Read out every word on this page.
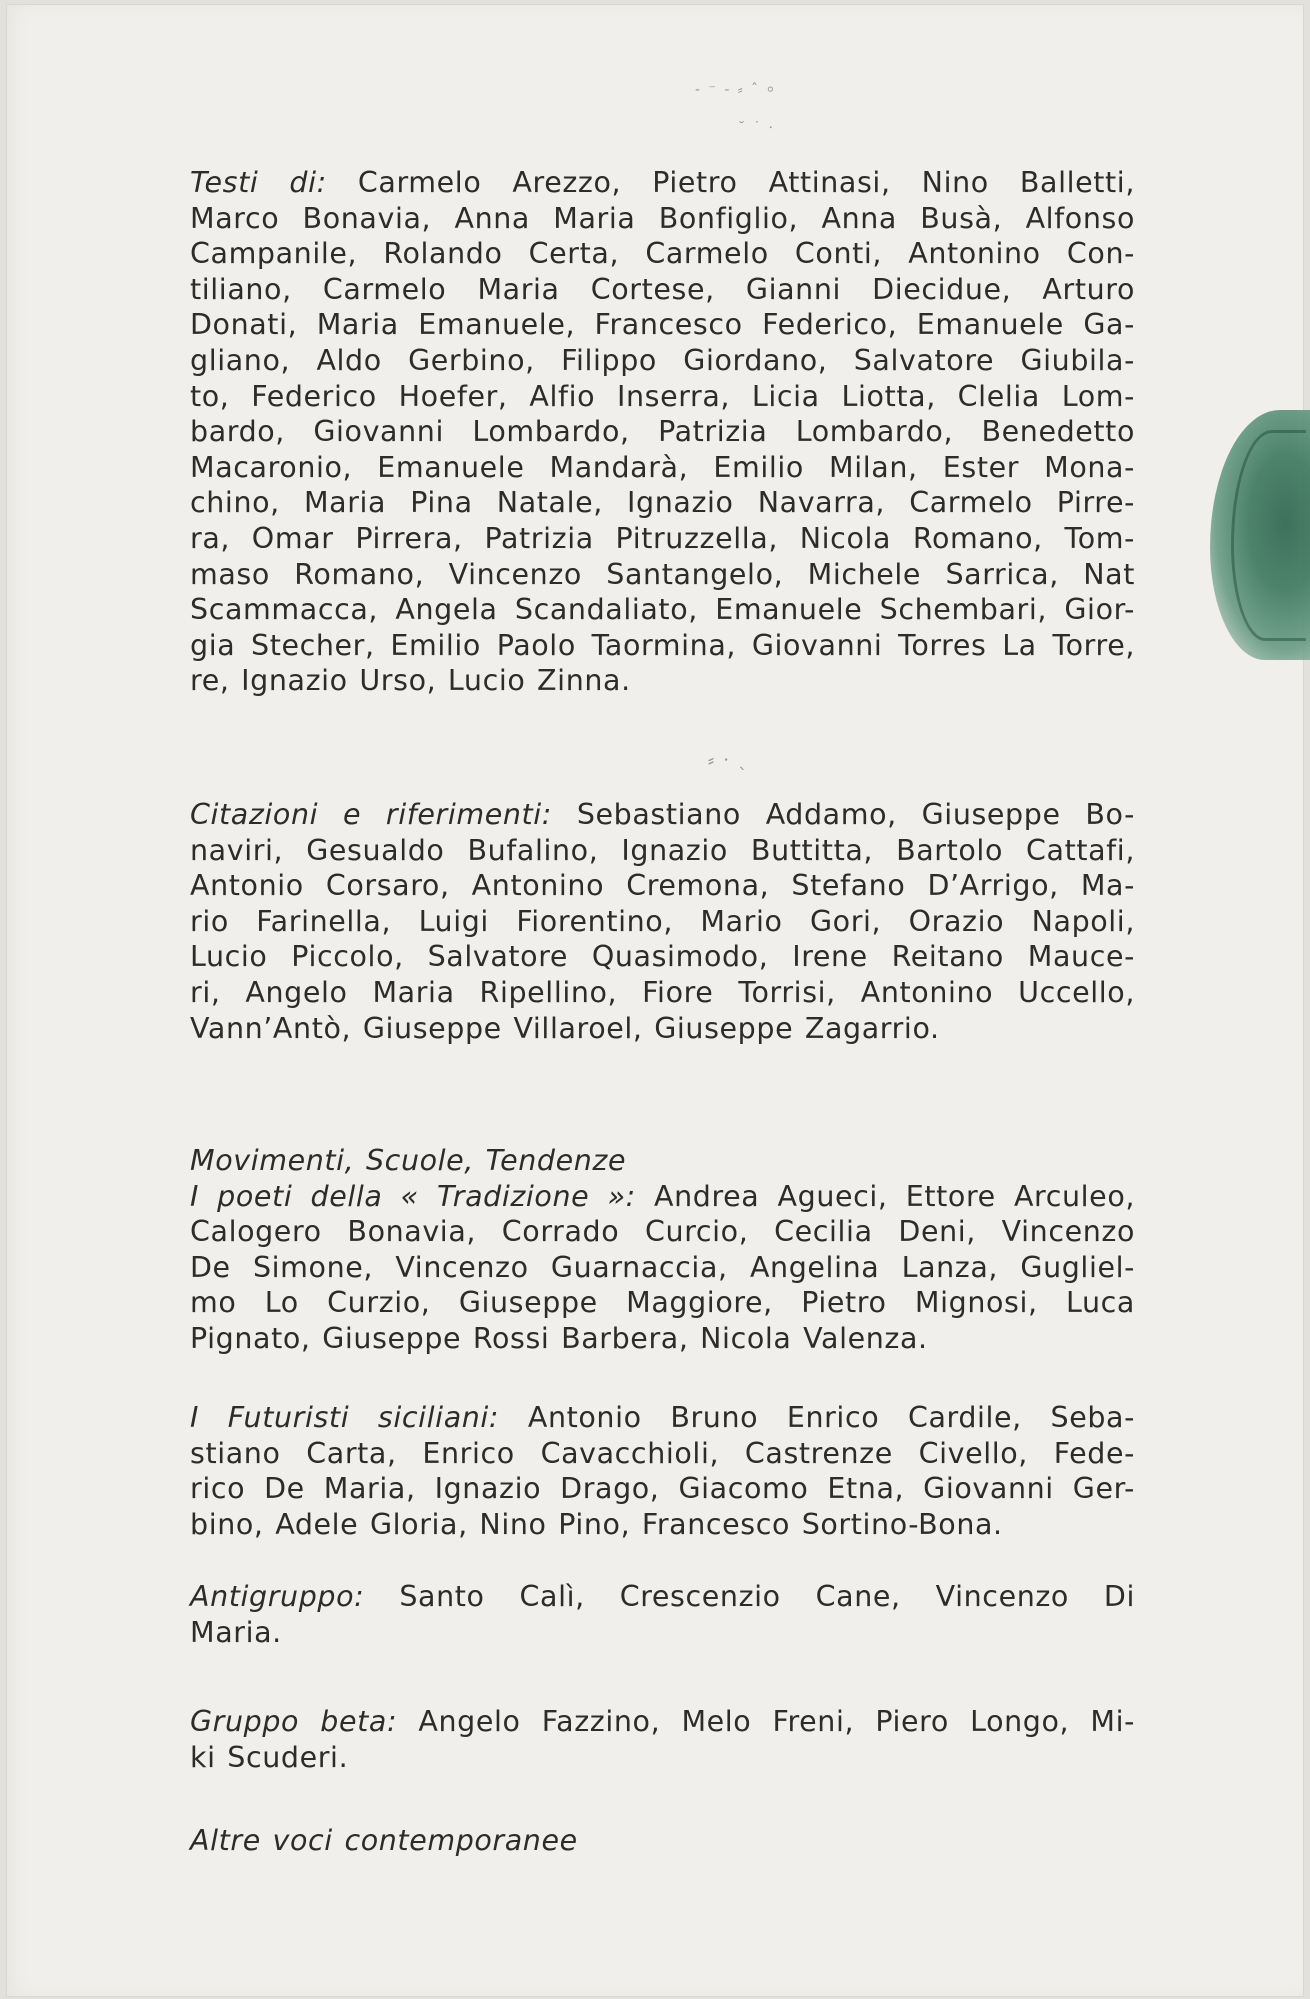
‐ ⁻ ‑ ⸗ ˆ ⸰
˘ ˙ ⸱
⸗ ⸱ ˎ
Testi di: Carmelo Arezzo, Pietro Attinasi, Nino Balletti,
Marco Bonavia, Anna Maria Bonfiglio, Anna Busà, Alfonso
Campanile, Rolando Certa, Carmelo Conti, Antonino Con-
tiliano, Carmelo Maria Cortese, Gianni Diecidue, Arturo
Donati, Maria Emanuele, Francesco Federico, Emanuele Ga-
gliano, Aldo Gerbino, Filippo Giordano, Salvatore Giubila-
to, Federico Hoefer, Alfio Inserra, Licia Liotta, Clelia Lom-
bardo, Giovanni Lombardo, Patrizia Lombardo, Benedetto
Macaronio, Emanuele Mandarà, Emilio Milan, Ester Mona-
chino, Maria Pina Natale, Ignazio Navarra, Carmelo Pirre-
ra, Omar Pirrera, Patrizia Pitruzzella, Nicola Romano, Tom-
maso Romano, Vincenzo Santangelo, Michele Sarrica, Nat
Scammacca, Angela Scandaliato, Emanuele Schembari, Gior-
gia Stecher, Emilio Paolo Taormina, Giovanni Torres La Torre,
re, Ignazio Urso, Lucio Zinna.
Citazioni e riferimenti: Sebastiano Addamo, Giuseppe Bo-
naviri, Gesualdo Bufalino, Ignazio Buttitta, Bartolo Cattafi,
Antonio Corsaro, Antonino Cremona, Stefano D’Arrigo, Ma-
rio Farinella, Luigi Fiorentino, Mario Gori, Orazio Napoli,
Lucio Piccolo, Salvatore Quasimodo, Irene Reitano Mauce-
ri, Angelo Maria Ripellino, Fiore Torrisi, Antonino Uccello,
Vann’Antò, Giuseppe Villaroel, Giuseppe Zagarrio.
Movimenti, Scuole, Tendenze
I poeti della « Tradizione »: Andrea Agueci, Ettore Arculeo,
Calogero Bonavia, Corrado Curcio, Cecilia Deni, Vincenzo
De Simone, Vincenzo Guarnaccia, Angelina Lanza, Gugliel-
mo Lo Curzio, Giuseppe Maggiore, Pietro Mignosi, Luca
Pignato, Giuseppe Rossi Barbera, Nicola Valenza.
I Futuristi siciliani: Antonio Bruno Enrico Cardile, Seba-
stiano Carta, Enrico Cavacchioli, Castrenze Civello, Fede-
rico De Maria, Ignazio Drago, Giacomo Etna, Giovanni Ger-
bino, Adele Gloria, Nino Pino, Francesco Sortino-Bona.
Antigruppo: Santo Calì, Crescenzio Cane, Vincenzo Di
Maria.
Gruppo beta: Angelo Fazzino, Melo Freni, Piero Longo, Mi-
ki Scuderi.
Altre voci contemporanee
